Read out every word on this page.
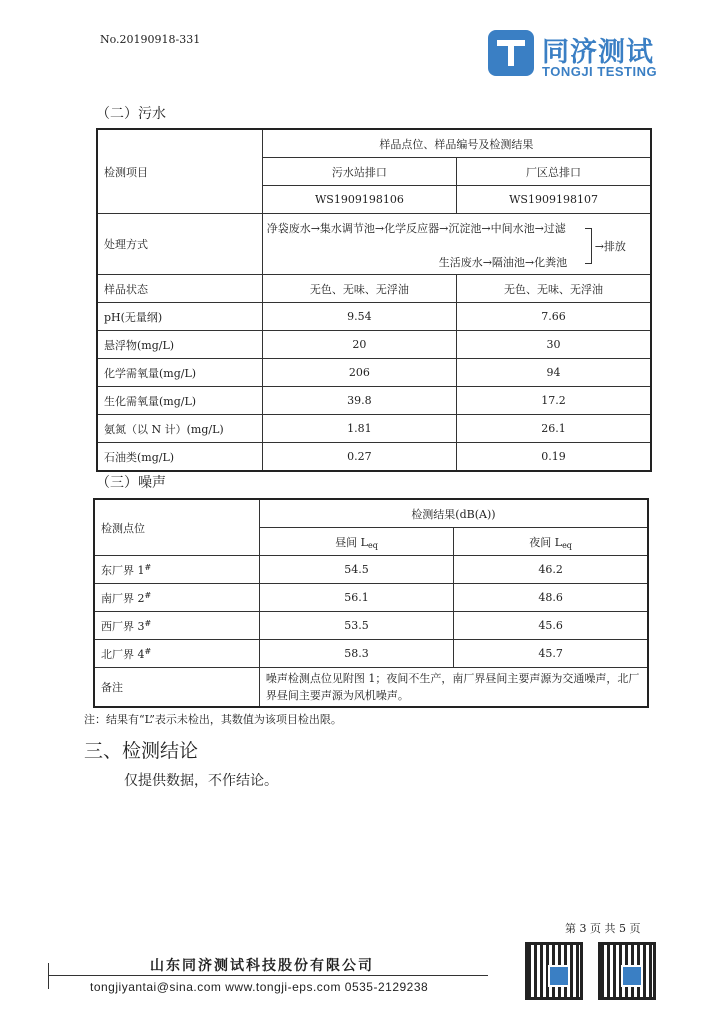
No.20190918-331	同济测试
TONGJI TESTING
（二）污水
检测项目	样品点位、样品编号及检测结果	
	污水站排口	厂区总排口
	WS1909198106	WS1909198107
处理方式	净袋废水→集水调节池→化学反应器→沉淀池→中间水池→过滤
生活废水→隔油池→化粪池
→排放	

样品状态	无色、无味、无浮油	无色、无味、无浮油
pH(无量纲)	9.54	7.66
悬浮物(mg/L)	20	30
化学需氧量(mg/L)	206	94
生化需氧量(mg/L)	39.8	17.2
氨氮（以 N 计）(mg/L)	1.81	26.1
石油类(mg/L)	0.27	0.19
（三）噪声
检测点位	检测结果(dB(A))	
	昼间 $L_{eq}$	夜间 $L_{eq}$
东厂界 1#	54.5	46.2
南厂界 2#	56.1	48.6
西厂界 3#	53.5	45.6
北厂界 4#	58.3	45.7
备注	噪声检测点位见附图 1；夜间不生产，南厂界昼间主要声源为交通噪声，北厂界昼间主要声源为风机噪声。	
注：结果有“L”表示未检出，其数值为该项目检出限。
三、检测结论
仅提供数据，不作结论。
第 3 页 共 5 页
山东同济测试科技股份有限公司
tongjiyantai@sina.com www.tongji-eps.com 0535-2129238
